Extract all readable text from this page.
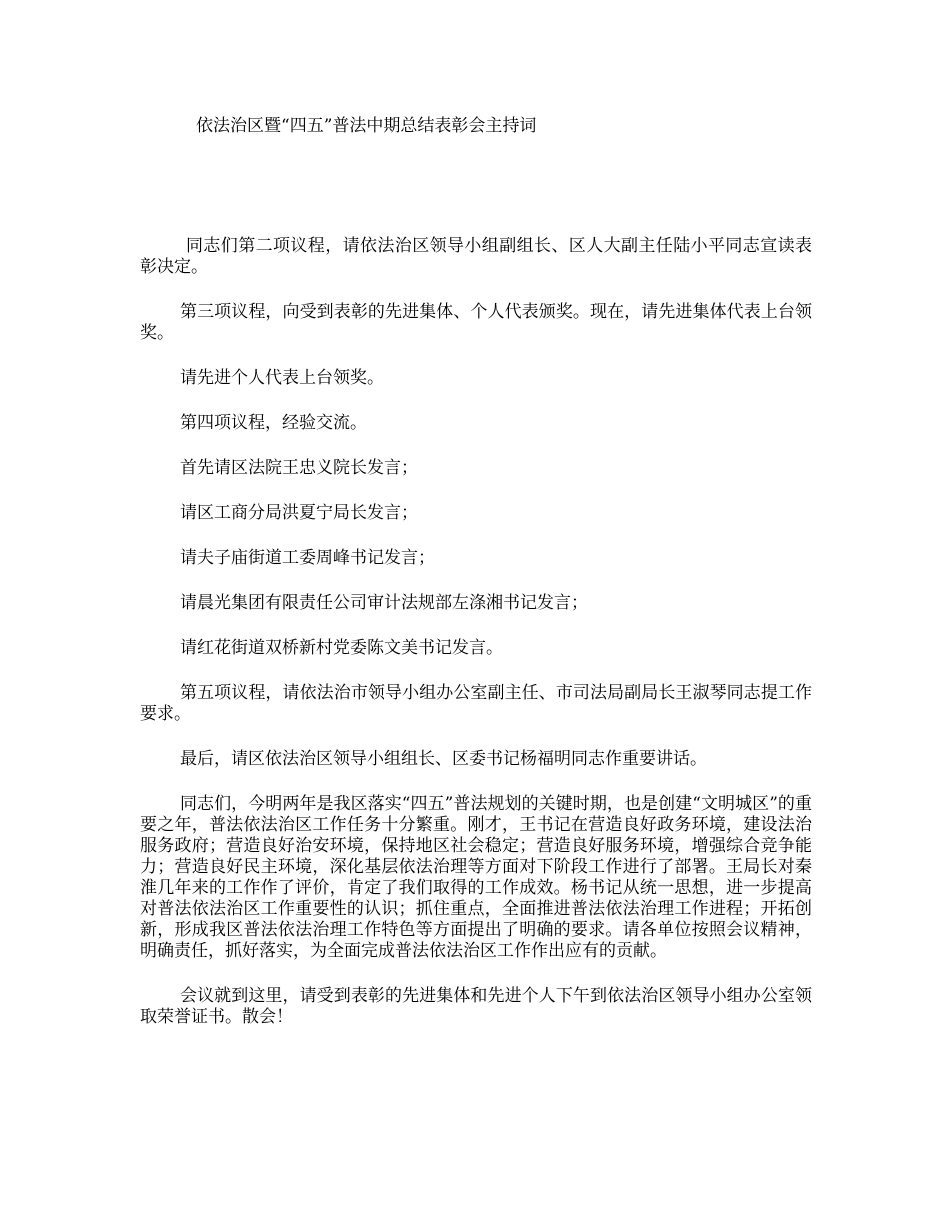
依法治区暨“四五”普法中期总结表彰会主持词

同志们第二项议程，请依法治区领导小组副组长、区人大副主任陆小平同志宣读表彰决定。

第三项议程，向受到表彰的先进集体、个人代表颁奖。现在，请先进集体代表上台领奖。

请先进个人代表上台领奖。

第四项议程，经验交流。

首先请区法院王忠义院长发言；

请区工商分局洪夏宁局长发言；

请夫子庙街道工委周峰书记发言；

请晨光集团有限责任公司审计法规部左涤湘书记发言；

请红花街道双桥新村党委陈文美书记发言。

第五项议程，请依法治市领导小组办公室副主任、市司法局副局长王淑琴同志提工作要求。

最后，请区依法治区领导小组组长、区委书记杨福明同志作重要讲话。

同志们，今明两年是我区落实“四五”普法规划的关键时期，也是创建“文明城区”的重要之年，普法依法治区工作任务十分繁重。刚才，王书记在营造良好政务环境，建设法治服务政府；营造良好治安环境，保持地区社会稳定；营造良好服务环境，增强综合竞争能力；营造良好民主环境，深化基层依法治理等方面对下阶段工作进行了部署。王局长对秦淮几年来的工作作了评价，肯定了我们取得的工作成效。杨书记从统一思想，进一步提高对普法依法治区工作重要性的认识；抓住重点，全面推进普法依法治理工作进程；开拓创新，形成我区普法依法治理工作特色等方面提出了明确的要求。请各单位按照会议精神，明确责任，抓好落实，为全面完成普法依法治区工作作出应有的贡献。

会议就到这里，请受到表彰的先进集体和先进个人下午到依法治区领导小组办公室领取荣誉证书。散会！
